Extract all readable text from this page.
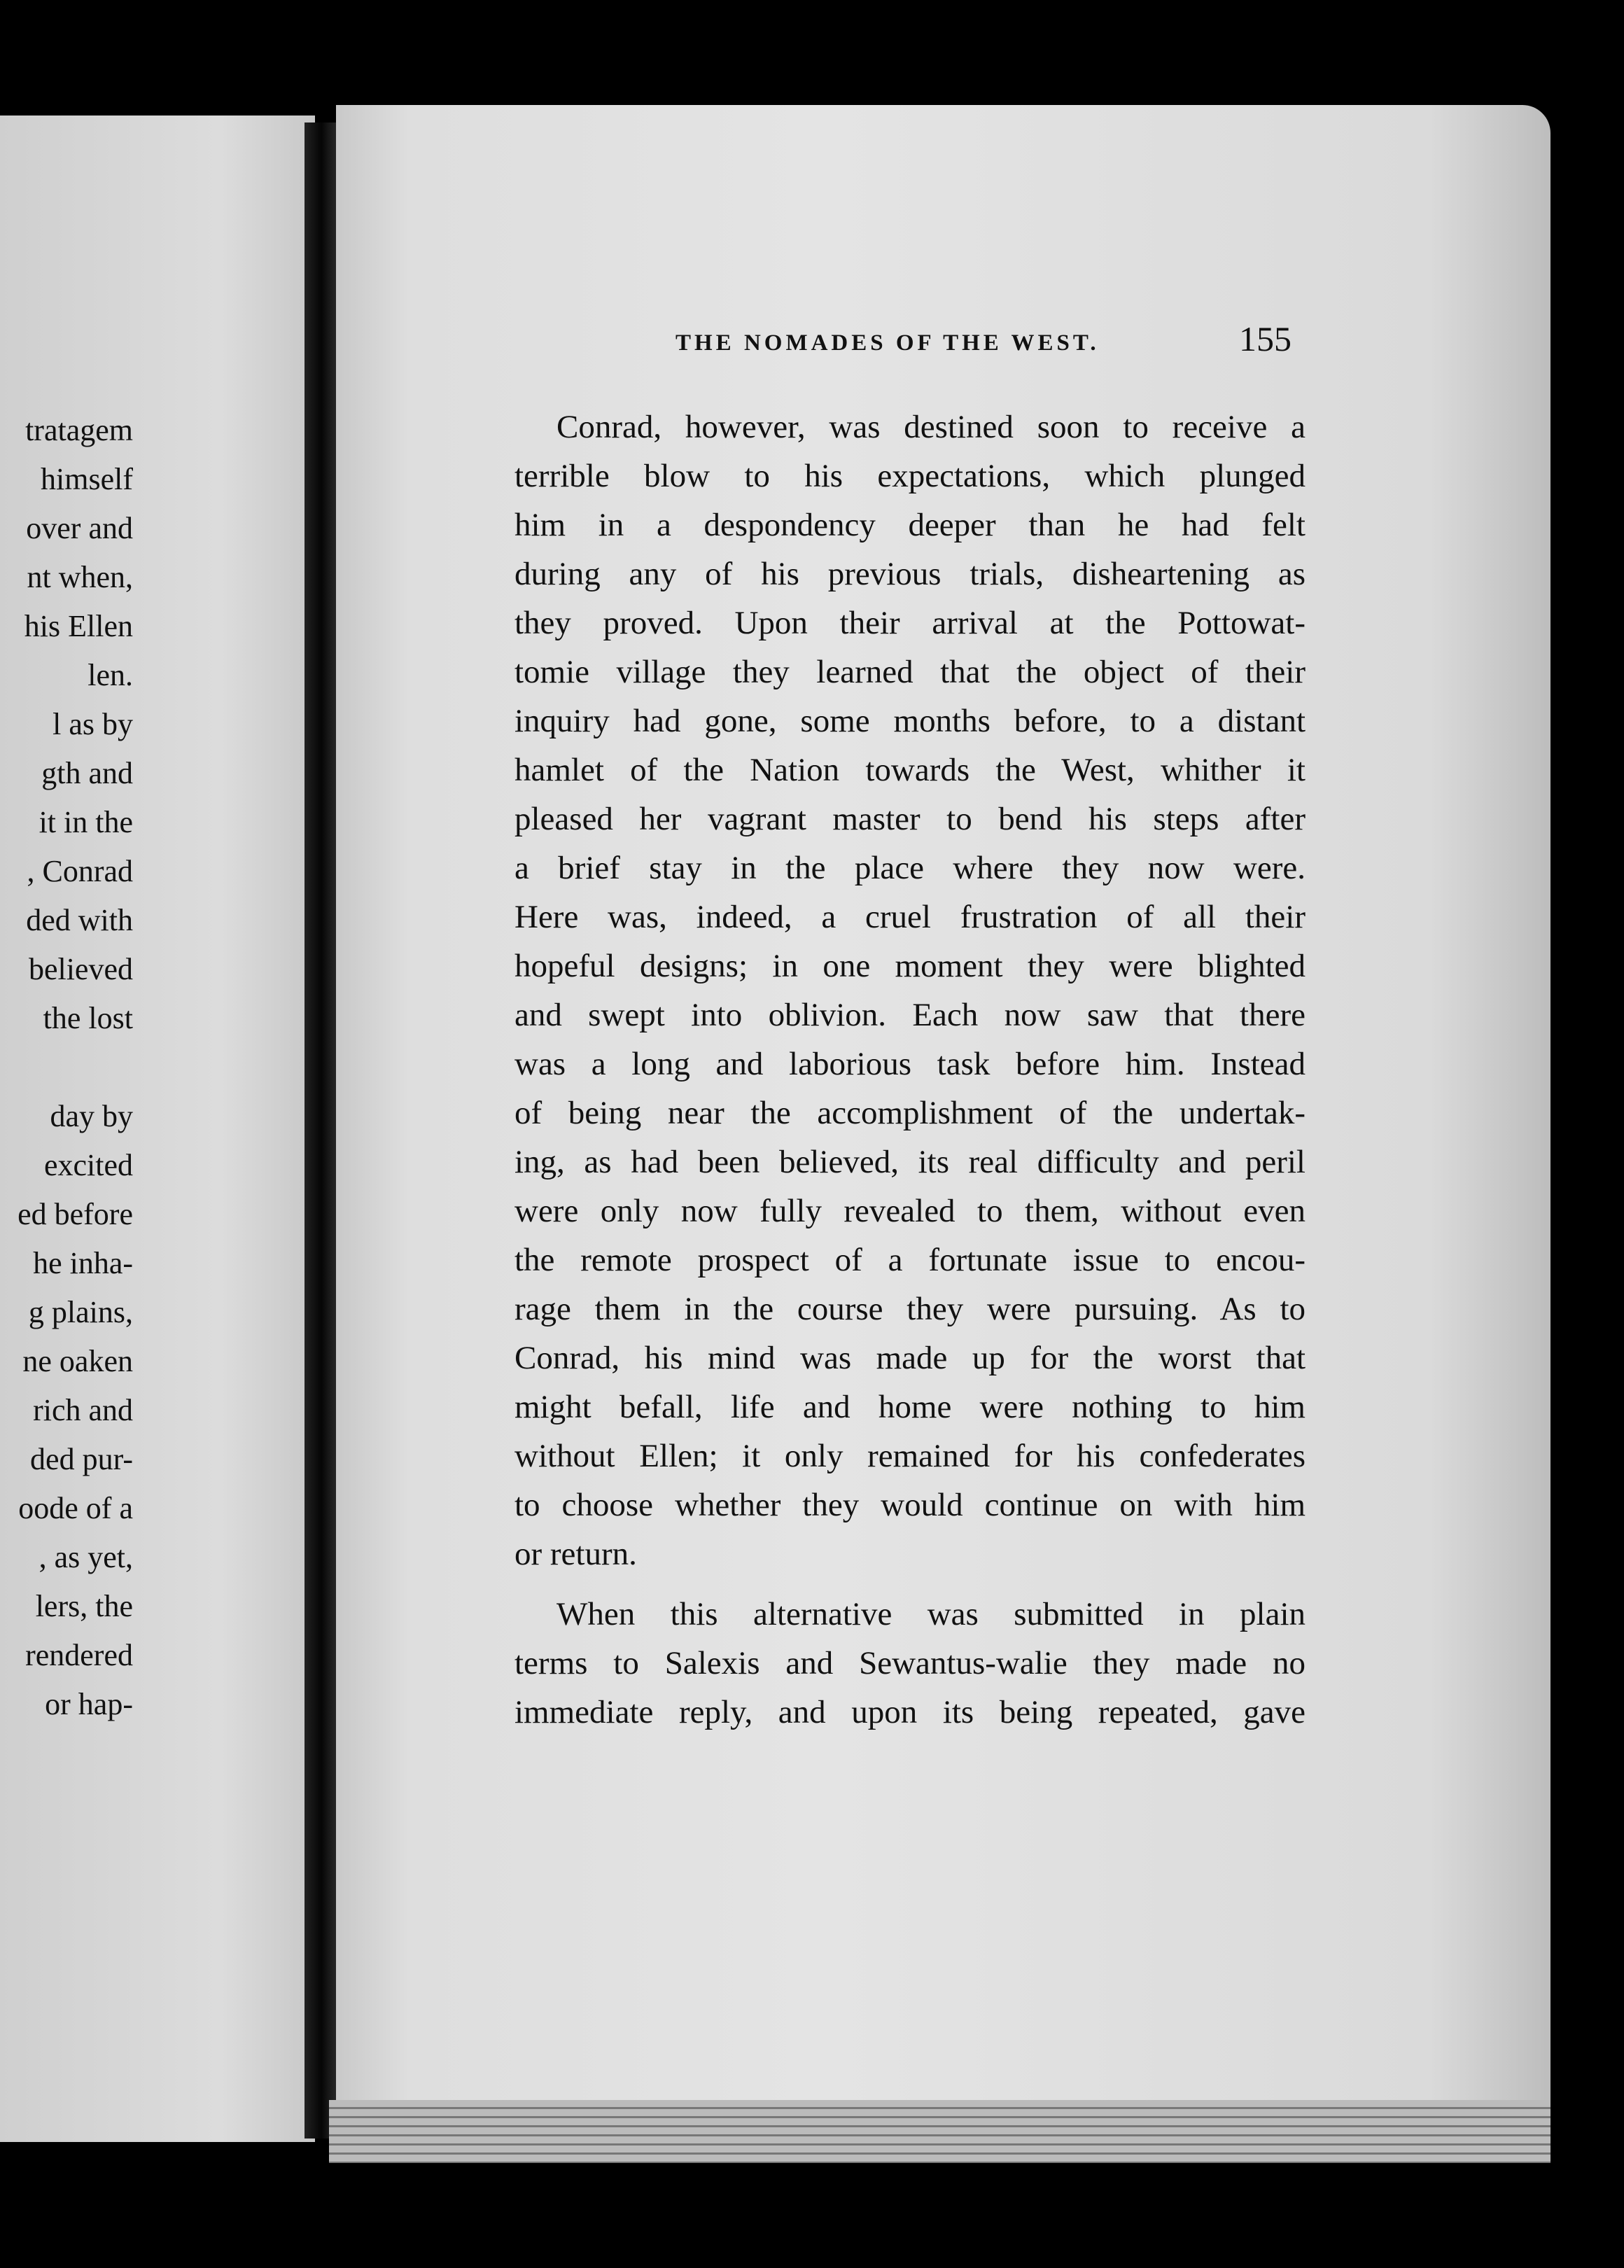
tratagem
himself
over and
nt when,
his Ellen
len.
l as by
gth and
it in the
, Conrad
ded with
believed
the lost

day by
excited
ed before
he inha-
g plains,
ne oaken
rich and
ded pur-
oode of a
, as yet,
lers, the
rendered
or hap-
THE NOMADES OF THE WEST.	155
Conrad, however, was destined soon to receive a
terrible blow to his expectations, which plunged
him in a despondency deeper than he had felt
during any of his previous trials, disheartening as
they proved. Upon their arrival at the Pottowat-
tomie village they learned that the object of their
inquiry had gone, some months before, to a distant
hamlet of the Nation towards the West, whither it
pleased her vagrant master to bend his steps after
a brief stay in the place where they now were.
Here was, indeed, a cruel frustration of all their
hopeful designs; in one moment they were blighted
and swept into oblivion. Each now saw that there
was a long and laborious task before him. Instead
of being near the accomplishment of the undertak-
ing, as had been believed, its real difficulty and peril
were only now fully revealed to them, without even
the remote prospect of a fortunate issue to encou-
rage them in the course they were pursuing. As to
Conrad, his mind was made up for the worst that
might befall, life and home were nothing to him
without Ellen; it only remained for his confederates
to choose whether they would continue on with him
or return.
When this alternative was submitted in plain
terms to Salexis and Sewantus-walie they made no
immediate reply, and upon its being repeated, gave
